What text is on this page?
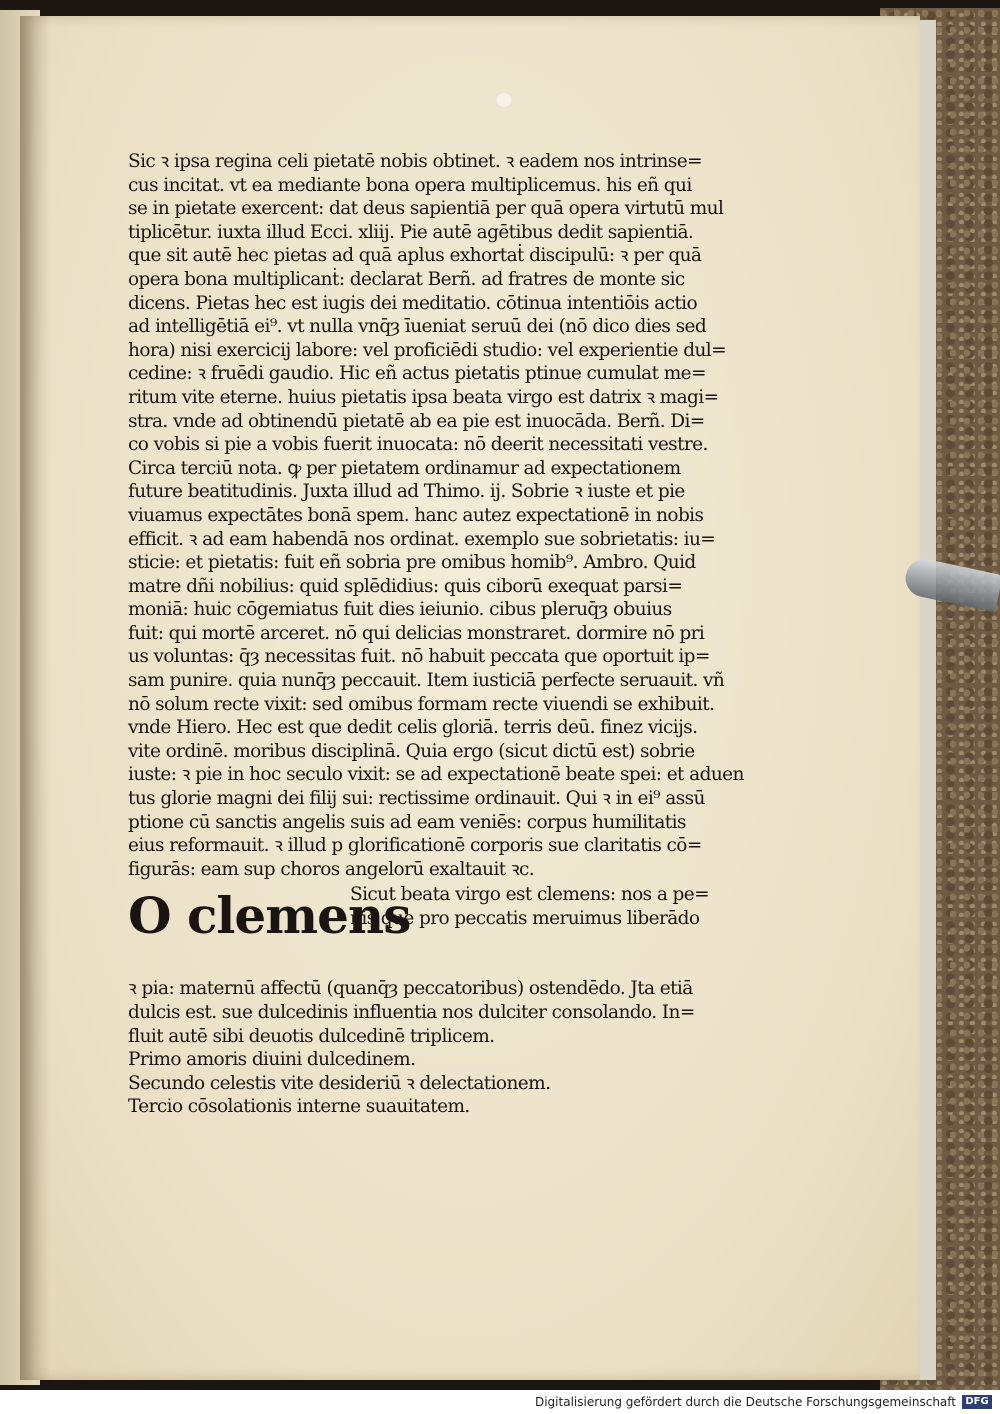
Sic ꝛ ipsa regina celi pietatē nobis obtinet. ꝛ eadem nos intrinse=
cus incitat. vt ea mediante bona opera multiplicemus. his eñ qui
se in pietate exercent: dat deus sapientiā per quā opera virtutū mul
tiplicētur. iuxta illud Ecci. xliij. Pie autē agētibus dedit sapientiā.
que sit autē hec pietas ad quā aplus exhortaṫ discipulū: ꝛ per quā
opera bona multiplicanṫ: declarat Berñ. ad fratres de monte sic
dicens. Pietas hec est iugis dei meditatio. cōtinua intentiōis actio
ad intelligētiā ei⁹. vt nulla vnq̄ȝ īueniat seruū dei (nō dico dies sed
hora) nisi exercicij labore: vel proficiēdi studio: vel experientie dul=
cedine: ꝛ fruēdi gaudio. Hic eñ actus pietatis ptinue cumulat me=
ritum vite eterne. huius pietatis ipsa beata virgo est datrix ꝛ magi=
stra. vnde ad obtinendū pietatē ab ea pie est inuocāda. Berñ. Di=
co vobis si pie a vobis fuerit inuocata: nō deerit necessitati vestre.
Circa terciū nota. ꝙ per pietatem ordinamur ad expectationem
future beatitudinis. Juxta illud ad Thimo. ij. Sobrie ꝛ iuste et pie
viuamus expectātes bonā spem. hanc autez expectationē in nobis
efficit. ꝛ ad eam habendā nos ordinat. exemplo sue sobrietatis: iu=
sticie: et pietatis: fuit eñ sobria pre omibus homib⁹. Ambro. Quid
matre dñi nobilius: quid splēdidius: quis ciborū exequat parsi=
moniā: huic cōgemiatus fuit dies ieiunio. cibus pleruq̄ȝ obuius
fuit: qui mortē arceret. nō qui delicias monstraret. dormire nō pri
us voluntas: q̄ȝ necessitas fuit. nō habuit peccata que oportuit ip=
sam punire. quia nunq̄ȝ peccauit. Item iusticiā perfecte seruauit. vñ
nō solum recte vixit: sed omibus formam recte viuendi se exhibuit.
vnde Hiero. Hec est que dedit celis gloriā. terris deū. finez vicijs.
vite ordinē. moribus disciplinā. Quia ergo (sicut dictū est) sobrie
iuste: ꝛ pie in hoc seculo vixit: se ad expectationē beate spei: et aduen
tus glorie magni dei filij sui: rectissime ordinauit. Qui ꝛ in ei⁹ assū
ptione cū sanctis angelis suis ad eam veniēs: corpus humilitatis
eius reformauit. ꝛ illud p glorificationē corporis sue claritatis cō=
figurās: eam sup choros angelorū exaltauit ꝛc.
O clemens
Sicut beata virgo est clemens: nos a pe=
nis que pro peccatis meruimus liberādo
ꝛ pia: maternū affectū (quanq̄ȝ peccatoribus) ostendēdo. Jta etiā
dulcis est. sue dulcedinis influentia nos dulciter consolando. In=
fluit autē sibi deuotis dulcedinē triplicem.
Primo amoris diuini dulcedinem.
Secundo celestis vite desideriū ꝛ delectationem.
Tercio cōsolationis interne suauitatem.
Digitalisierung gefördert durch die Deutsche Forschungsgemeinschaft DFG
